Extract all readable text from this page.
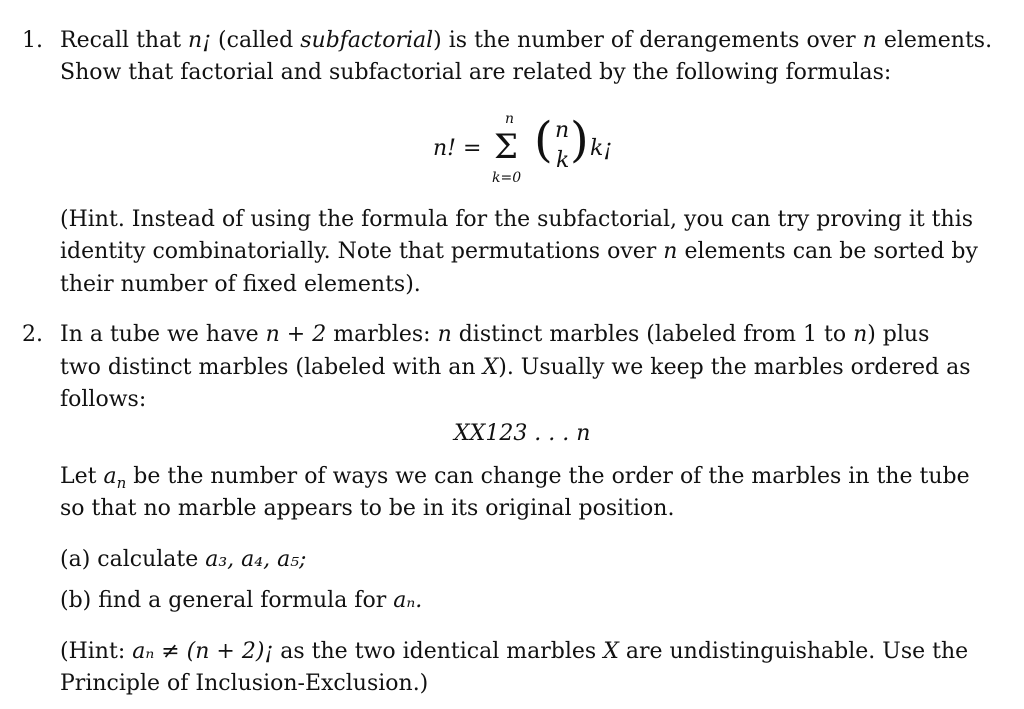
1. Recall that n¡ (called subfactorial) is the number of derangements over n elements.
Show that factorial and subfactorial are related by the following formulas:
n! =
n
Σ
k=0
( n
k ) k¡
(Hint. Instead of using the formula for the subfactorial, you can try proving it this
identity combinatorially. Note that permutations over n elements can be sorted by
their number of fixed elements).
2. In a tube we have n + 2 marbles: n distinct marbles (labeled from 1 to n) plus
two distinct marbles (labeled with an X). Usually we keep the marbles ordered as
follows:
XX123 . . . n
Let $a_n$ be the number of ways we can change the order of the marbles in the tube
so that no marble appears to be in its original position.
(a) calculate a₃, a₄, a₅;
(b) find a general formula for aₙ.
(Hint: aₙ ≠ (n + 2)¡ as the two identical marbles X are undistinguishable. Use the
Principle of Inclusion-Exclusion.)
